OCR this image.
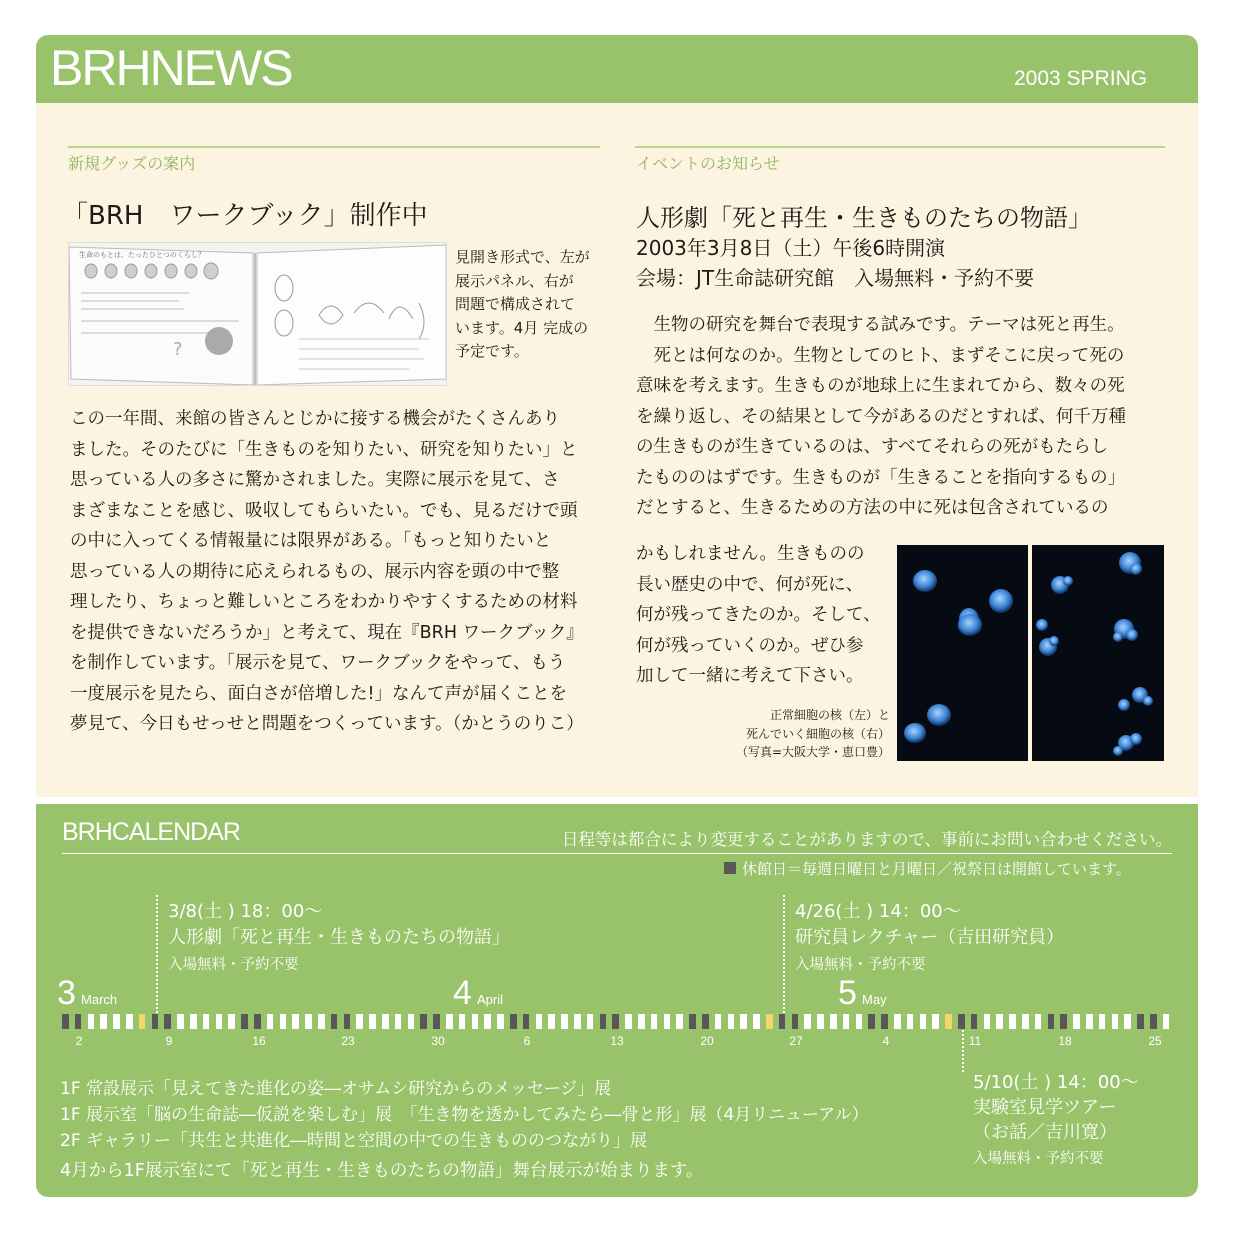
BRHNEWS	2003 SPRING
新規グッズの案内
「BRH　ワークブック」制作中
生命のもとは、たったひとつのくらし？
?
見開き形式で、左が
展示パネル、右が
問題で構成されて
います。4月 完成の
予定です。

この一年間、来館の皆さんとじかに接する機会がたくさんあり

ました。そのたびに「生きものを知りたい、研究を知りたい」と

思っている人の多さに驚かされました。実際に展示を見て、さ

まざまなことを感じ、吸収してもらいたい。でも、見るだけで頭

の中に入ってくる情報量には限界がある。「もっと知りたいと

思っている人の期待に応えられるもの、展示内容を頭の中で整

理したり、ちょっと難しいところをわかりやすくするための材料

を提供できないだろうか」と考えて、現在『BRH ワークブック』

を制作しています。「展示を見て、ワークブックをやって、もう

一度展示を見たら、面白さが倍増した!」なんて声が届くことを

夢見て、今日もせっせと問題をつくっています。（かとうのりこ）

イベントのお知らせ
人形劇「死と再生・生きものたちの物語」
2003年3月8日（土）午後6時開演
会場：JT生命誌研究館　入場無料・予約不要

　生物の研究を舞台で表現する試みです。テーマは死と再生。

　死とは何なのか。生物としてのヒト、まずそこに戻って死の

意味を考えます。生きものが地球上に生まれてから、数々の死

を繰り返し、その結果として今があるのだとすれば、何千万種

の生きものが生きているのは、すべてそれらの死がもたらし

たもののはずです。生きものが「生きることを指向するもの」

だとすると、生きるための方法の中に死は包含されているの

かもしれません。生きものの

長い歴史の中で、何が死に、

何が残ってきたのか。そして、

何が残っていくのか。ぜひ参

加して一緒に考えて下さい。

正常細胞の核（左）と
死んでいく細胞の核（右）
（写真=大阪大学・恵口豊）
BRHCALENDAR	日程等は都合により変更することがありますので、事前にお問い合わせください。
休館日＝毎週日曜日と月曜日／祝祭日は開館しています。
3/8(土 ) 18：00〜
人形劇「死と再生・生きものたちの物語」
入場無料・予約不要
4/26(土 ) 14：00〜
研究員レクチャー（吉田研究員）
入場無料・予約不要
5/10(土 ) 14：00〜
実験室見学ツアー
（お話／吉川寛）
入場無料・予約不要
3 March	4 April	5 May
2	9	16	23	30	6	13	20	27	4	11	18	25
1F 常設展示「見えてきた進化の姿―オサムシ研究からのメッセージ」展
1F 展示室「脳の生命誌―仮説を楽しむ」展　「生き物を透かしてみたら―骨と形」展（4月リニューアル）
2F ギャラリー「共生と共進化―時間と空間の中での生きもののつながり」展
4月から1F展示室にて「死と再生・生きものたちの物語」舞台展示が始まります。
